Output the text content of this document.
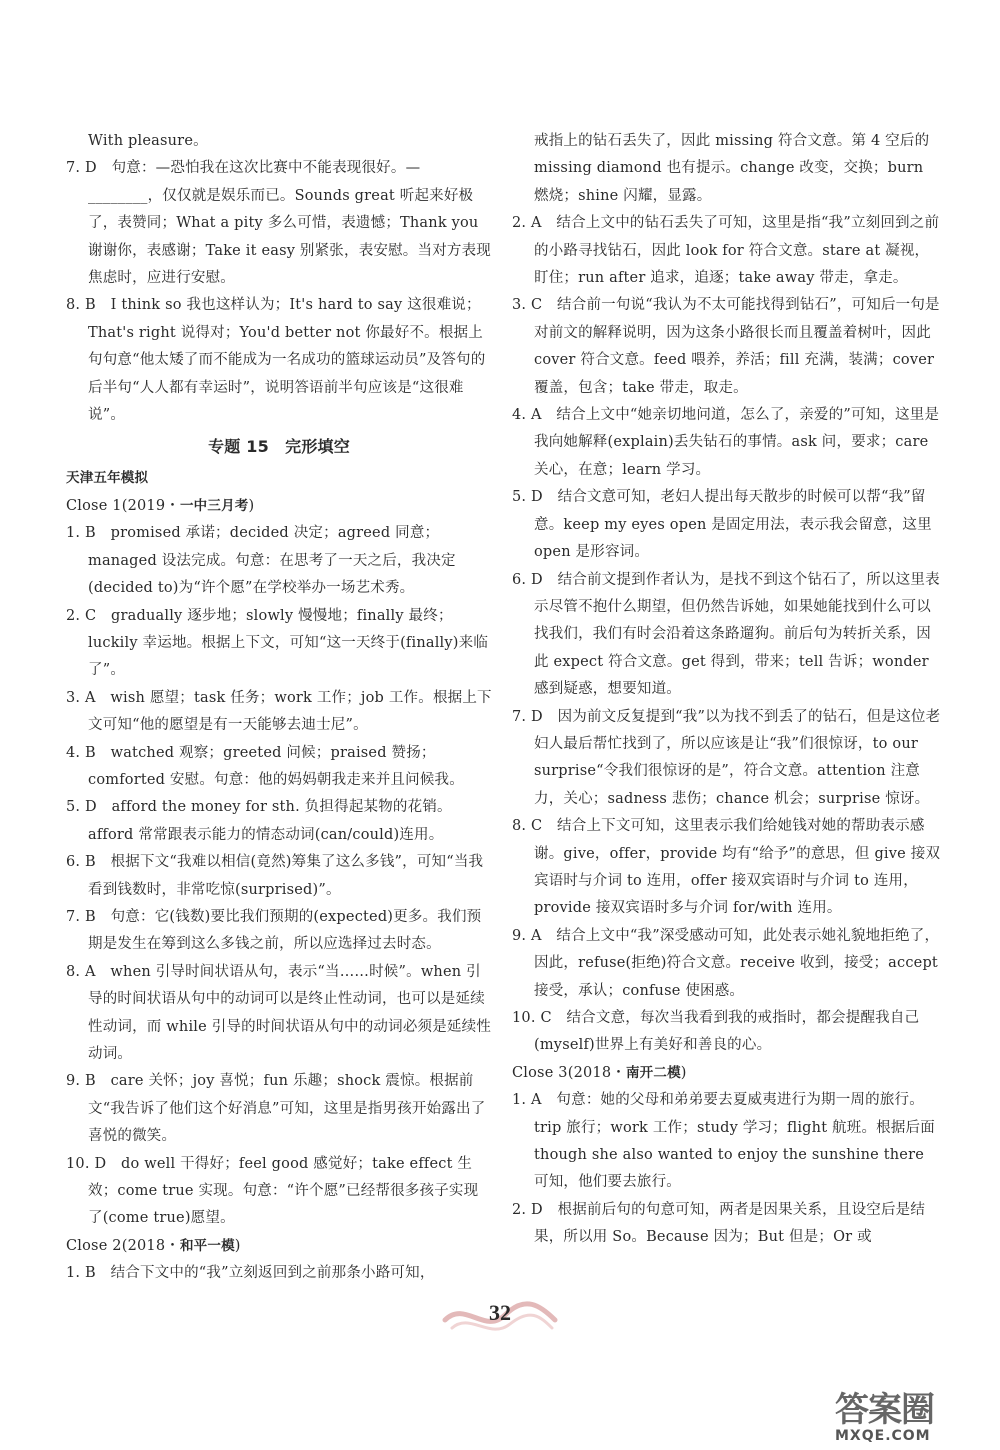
With pleasure。

7. D　句意：—恐怕我在这次比赛中不能表现很好。—________，仅仅就是娱乐而已。Sounds great 听起来好极了，表赞同；What a pity 多么可惜，表遗憾；Thank you 谢谢你，表感谢；Take it easy 别紧张，表安慰。当对方表现焦虑时，应进行安慰。

8. B　I think so 我也这样认为；It's hard to say 这很难说；That's right 说得对；You'd better not 你最好不。根据上句句意“他太矮了而不能成为一名成功的篮球运动员”及答句的后半句“人人都有幸运时”，说明答语前半句应该是“这很难说”。

专题 15　完形填空

天津五年模拟

Close 1(2019・一中三月考)

1. B　promised 承诺；decided 决定；agreed 同意；managed 设法完成。句意：在思考了一天之后，我决定(decided to)为“许个愿”在学校举办一场艺术秀。

2. C　gradually 逐步地；slowly 慢慢地；finally 最终；luckily 幸运地。根据上下文，可知“这一天终于(finally)来临了”。

3. A　wish 愿望；task 任务；work 工作；job 工作。根据上下文可知“他的愿望是有一天能够去迪士尼”。

4. B　watched 观察；greeted 问候；praised 赞扬；comforted 安慰。句意：他的妈妈朝我走来并且问候我。

5. D　afford the money for sth. 负担得起某物的花销。afford 常常跟表示能力的情态动词(can/could)连用。

6. B　根据下文“我难以相信(竟然)筹集了这么多钱”，可知“当我看到钱数时，非常吃惊(surprised)”。

7. B　句意：它(钱数)要比我们预期的(expected)更多。我们预期是发生在筹到这么多钱之前，所以应选择过去时态。

8. A　when 引导时间状语从句，表示“当……时候”。when 引导的时间状语从句中的动词可以是终止性动词，也可以是延续性动词，而 while 引导的时间状语从句中的动词必须是延续性动词。

9. B　care 关怀；joy 喜悦；fun 乐趣；shock 震惊。根据前文“我告诉了他们这个好消息”可知，这里是指男孩开始露出了喜悦的微笑。

10. D　do well 干得好；feel good 感觉好；take effect 生效；come true 实现。句意：“许个愿”已经帮很多孩子实现了(come true)愿望。

Close 2(2018・和平一模)

1. B　结合下文中的“我”立刻返回到之前那条小路可知，

戒指上的钻石丢失了，因此 missing 符合文意。第 4 空后的 missing diamond 也有提示。change 改变，交换；burn 燃烧；shine 闪耀，显露。

2. A　结合上文中的钻石丢失了可知，这里是指“我”立刻回到之前的小路寻找钻石，因此 look for 符合文意。stare at 凝视，盯住；run after 追求，追逐；take away 带走，拿走。

3. C　结合前一句说“我认为不太可能找得到钻石”，可知后一句是对前文的解释说明，因为这条小路很长而且覆盖着树叶，因此 cover 符合文意。feed 喂养，养活；fill 充满，装满；cover 覆盖，包含；take 带走，取走。

4. A　结合上文中“她亲切地问道，怎么了，亲爱的”可知，这里是我向她解释(explain)丢失钻石的事情。ask 问，要求；care 关心，在意；learn 学习。

5. D　结合文意可知，老妇人提出每天散步的时候可以帮“我”留意。keep my eyes open 是固定用法，表示我会留意，这里 open 是形容词。

6. D　结合前文提到作者认为，是找不到这个钻石了，所以这里表示尽管不抱什么期望，但仍然告诉她，如果她能找到什么可以找我们，我们有时会沿着这条路遛狗。前后句为转折关系，因此 expect 符合文意。get 得到，带来；tell 告诉；wonder 感到疑惑，想要知道。

7. D　因为前文反复提到“我”以为找不到丢了的钻石，但是这位老妇人最后帮忙找到了，所以应该是让“我”们很惊讶，to our surprise“令我们很惊讶的是”，符合文意。attention 注意力，关心；sadness 悲伤；chance 机会；surprise 惊讶。

8. C　结合上下文可知，这里表示我们给她钱对她的帮助表示感谢。give，offer，provide 均有“给予”的意思，但 give 接双宾语时与介词 to 连用，offer 接双宾语时与介词 to 连用，provide 接双宾语时多与介词 for/with 连用。

9. A　结合上文中“我”深受感动可知，此处表示她礼貌地拒绝了，因此，refuse(拒绝)符合文意。receive 收到，接受；accept 接受，承认；confuse 使困惑。

10. C　结合文意，每次当我看到我的戒指时，都会提醒我自己(myself)世界上有美好和善良的心。

Close 3(2018・南开二模)

1. A　句意：她的父母和弟弟要去夏威夷进行为期一周的旅行。trip 旅行；work 工作；study 学习；flight 航班。根据后面 though she also wanted to enjoy the sunshine there 可知，他们要去旅行。

2. D　根据前后句的句意可知，两者是因果关系，且设空后是结果，所以用 So。Because 因为；But 但是；Or 或

32
答案圈
MXQE.COM
